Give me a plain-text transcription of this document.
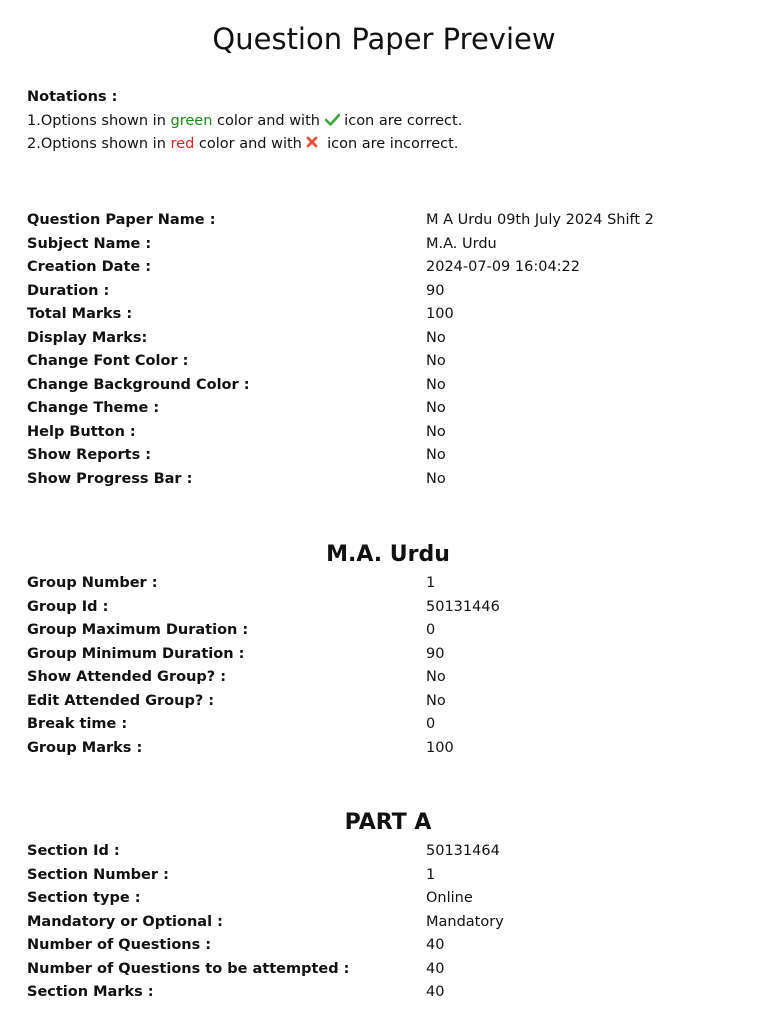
Question Paper Preview
Notations :
1.Options shown in green color and with  icon are correct.
2.Options shown in red color and with  icon are incorrect.
Question Paper Name :	M A Urdu 09th July 2024 Shift 2
Subject Name :	M.A. Urdu
Creation Date :	2024-07-09 16:04:22
Duration :	90
Total Marks :	100
Display Marks:	No
Change Font Color :	No
Change Background Color :	No
Change Theme :	No
Help Button :	No
Show Reports :	No
Show Progress Bar :	No
M.A. Urdu
Group Number :	1
Group Id :	50131446
Group Maximum Duration :	0
Group Minimum Duration :	90
Show Attended Group? :	No
Edit Attended Group? :	No
Break time :	0
Group Marks :	100
PART A
Section Id :	50131464
Section Number :	1
Section type :	Online
Mandatory or Optional :	Mandatory
Number of Questions :	40
Number of Questions to be attempted :	40
Section Marks :	40
